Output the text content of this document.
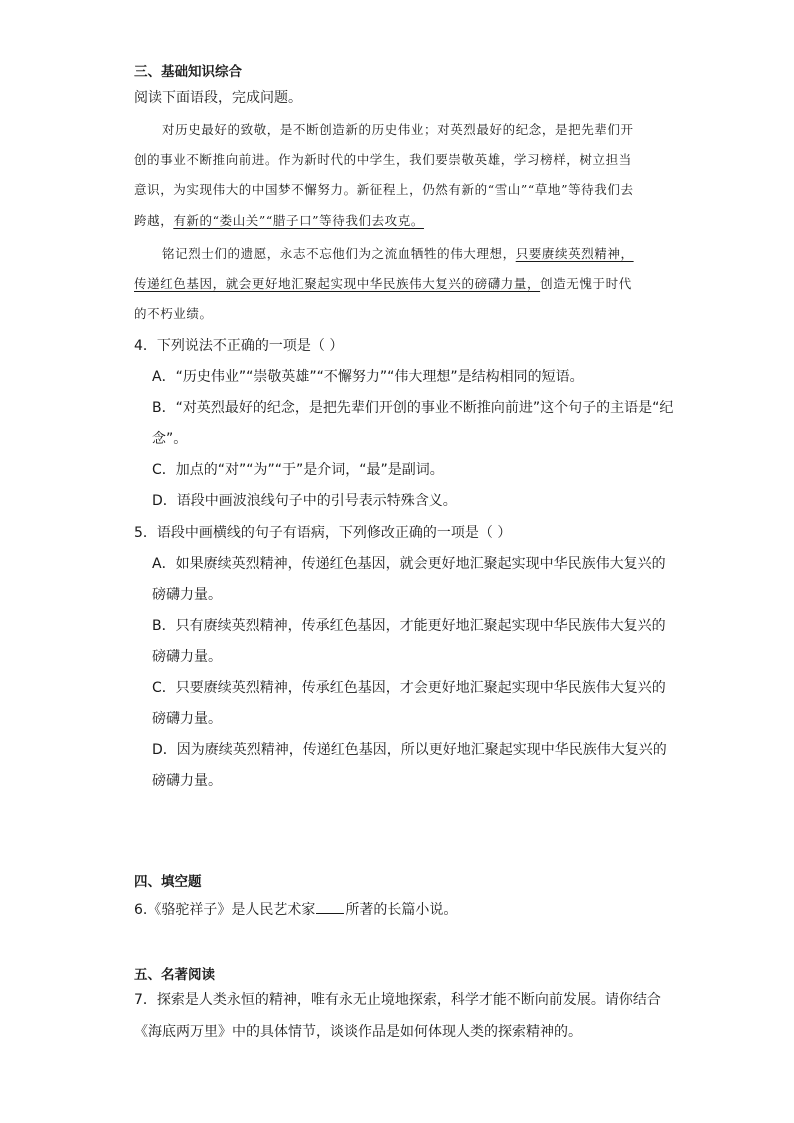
三、基础知识综合
阅读下面语段，完成问题。
对历史最好的致敬，是不断创造新的历史伟业；对英烈最好的纪念，是把先辈们开
创的事业不断推向前进。作为新时代的中学生，我们要崇敬英雄，学习榜样，树立担当
意识，为实现伟大的中国梦不懈努力。新征程上，仍然有新的“雪山”“草地”等待我们去
跨越，有新的“娄山关”“腊子口”等待我们去攻克。
铭记烈士们的遗愿，永志不忘他们为之流血牺牲的伟大理想，只要赓续英烈精神，
传递红色基因，就会更好地汇聚起实现中华民族伟大复兴的磅礴力量，创造无愧于时代
的不朽业绩。
4．下列说法不正确的一项是（ ）
A．“历史伟业”“崇敬英雄”“不懈努力”“伟大理想”是结构相同的短语。
B．“对英烈最好的纪念，是把先辈们开创的事业不断推向前进”这个句子的主语是“纪
念”。
C．加点的“对”“为”“于”是介词，“最”是副词。
D．语段中画波浪线句子中的引号表示特殊含义。
5．语段中画横线的句子有语病，下列修改正确的一项是（ ）
A．如果赓续英烈精神，传递红色基因，就会更好地汇聚起实现中华民族伟大复兴的
磅礴力量。
B．只有赓续英烈精神，传承红色基因，才能更好地汇聚起实现中华民族伟大复兴的
磅礴力量。
C．只要赓续英烈精神，传承红色基因，才会更好地汇聚起实现中华民族伟大复兴的
磅礴力量。
D．因为赓续英烈精神，传递红色基因，所以更好地汇聚起实现中华民族伟大复兴的
磅礴力量。
四、填空题
6.《骆驼祥子》是人民艺术家 所著的长篇小说。
五、名著阅读
7．探索是人类永恒的精神，唯有永无止境地探索，科学才能不断向前发展。请你结合
《海底两万里》中的具体情节，谈谈作品是如何体现人类的探索精神的。
